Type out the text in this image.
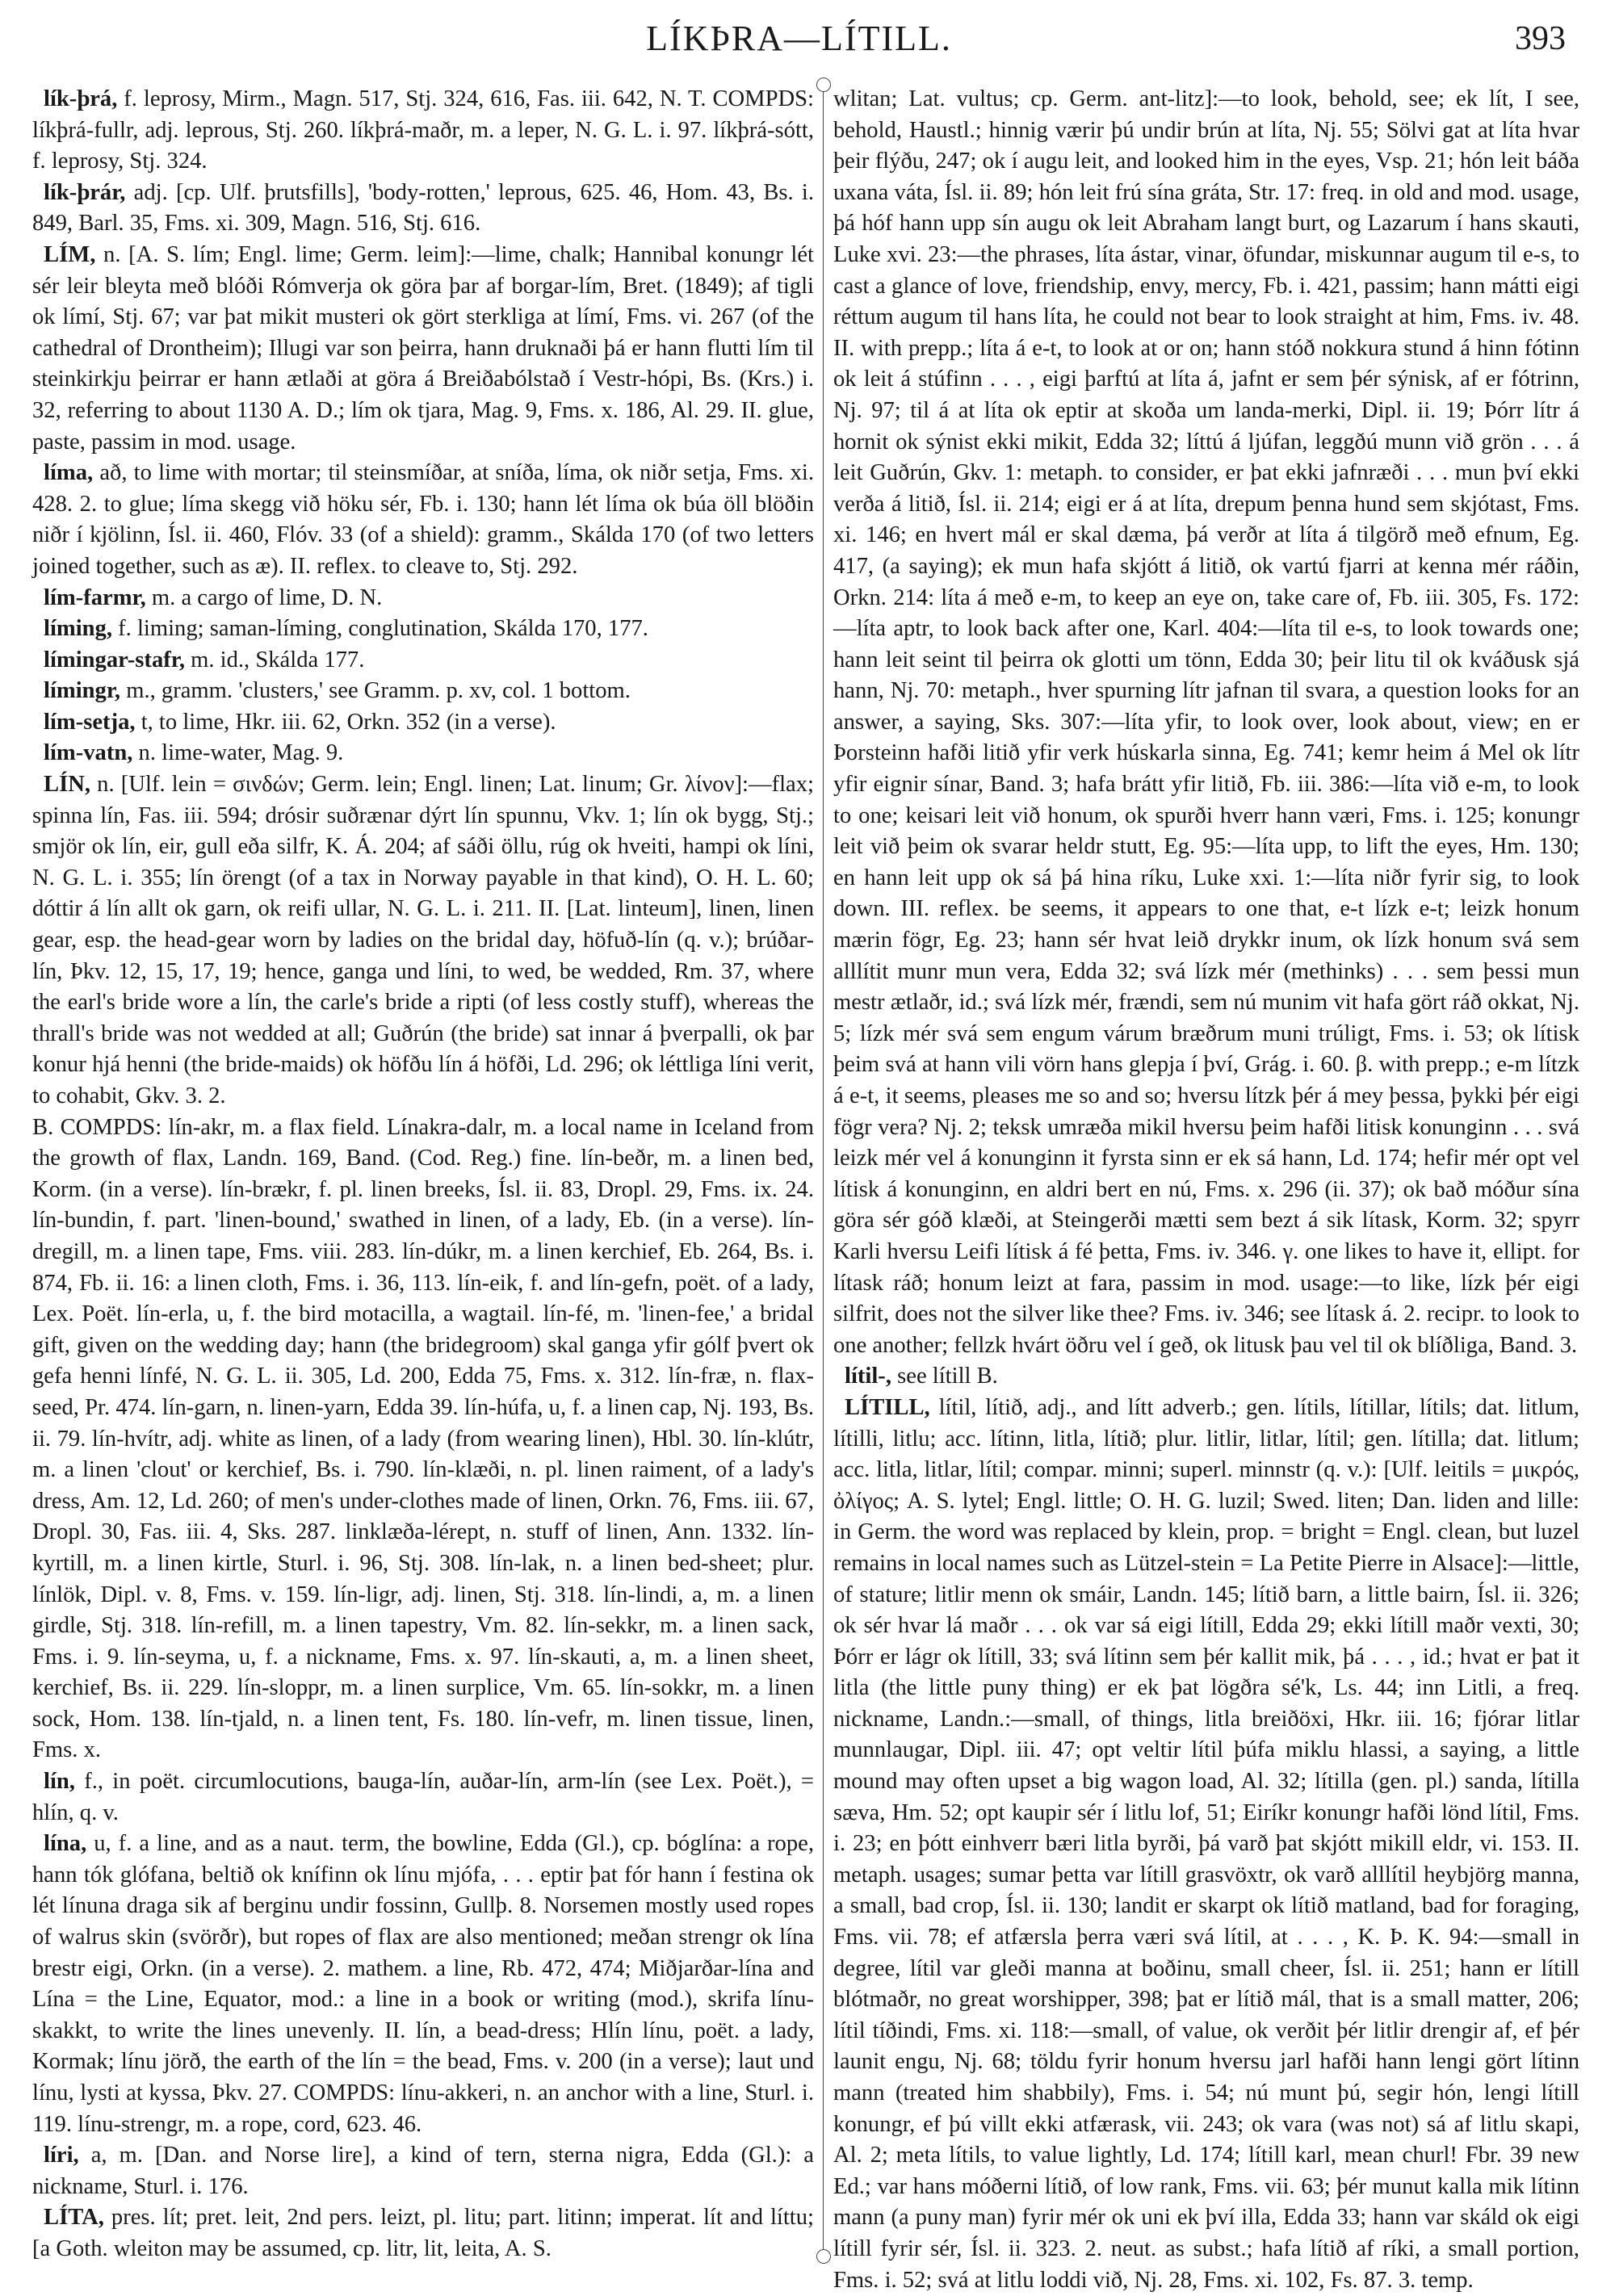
LÍKÞRA—LÍTILL.	393

lík-þrá, f. leprosy, Mirm., Magn. 517, Stj. 324, 616, Fas. iii. 642, N. T. COMPDS: líkþrá-fullr, adj. leprous, Stj. 260. líkþrá-maðr, m. a leper, N. G. L. i. 97. líkþrá-sótt, f. leprosy, Stj. 324.

lík-þrár, adj. [cp. Ulf. þrutsfills], 'body-rotten,' leprous, 625. 46, Hom. 43, Bs. i. 849, Barl. 35, Fms. xi. 309, Magn. 516, Stj. 616.

LÍM, n. [A. S. lím; Engl. lime; Germ. leim]:—lime, chalk; Hannibal konungr lét sér leir bleyta með blóði Rómverja ok göra þar af borgar-lím, Bret. (1849); af tigli ok límí, Stj. 67; var þat mikit musteri ok gört sterkliga at límí, Fms. vi. 267 (of the cathedral of Drontheim); Illugi var son þeirra, hann druknaði þá er hann flutti lím til steinkirkju þeirrar er hann ætlaði at göra á Breiðabólstað í Vestr-hópi, Bs. (Krs.) i. 32, referring to about 1130 A. D.; lím ok tjara, Mag. 9, Fms. x. 186, Al. 29. II. glue, paste, passim in mod. usage.

líma, að, to lime with mortar; til steinsmíðar, at sníða, líma, ok niðr setja, Fms. xi. 428. 2. to glue; líma skegg við höku sér, Fb. i. 130; hann lét líma ok búa öll blöðin niðr í kjölinn, Ísl. ii. 460, Flóv. 33 (of a shield): gramm., Skálda 170 (of two letters joined together, such as æ). II. reflex. to cleave to, Stj. 292.

lím-farmr, m. a cargo of lime, D. N.

líming, f. liming; saman-líming, conglutination, Skálda 170, 177.

límingar-stafr, m. id., Skálda 177.

límingr, m., gramm. 'clusters,' see Gramm. p. xv, col. 1 bottom.

lím-setja, t, to lime, Hkr. iii. 62, Orkn. 352 (in a verse).

lím-vatn, n. lime-water, Mag. 9.

LÍN, n. [Ulf. lein = σινδών; Germ. lein; Engl. linen; Lat. linum; Gr. λίνον]:—flax; spinna lín, Fas. iii. 594; drósir suðrænar dýrt lín spunnu, Vkv. 1; lín ok bygg, Stj.; smjör ok lín, eir, gull eða silfr, K. Á. 204; af sáði öllu, rúg ok hveiti, hampi ok líni, N. G. L. i. 355; lín örengt (of a tax in Norway payable in that kind), O. H. L. 60; dóttir á lín allt ok garn, ok reifi ullar, N. G. L. i. 211. II. [Lat. linteum], linen, linen gear, esp. the head-gear worn by ladies on the bridal day, höfuð-lín (q. v.); brúðar-lín, Þkv. 12, 15, 17, 19; hence, ganga und líni, to wed, be wedded, Rm. 37, where the earl's bride wore a lín, the carle's bride a ripti (of less costly stuff), whereas the thrall's bride was not wedded at all; Guðrún (the bride) sat innar á þverpalli, ok þar konur hjá henni (the bride-maids) ok höfðu lín á höfði, Ld. 296; ok léttliga líni verit, to cohabit, Gkv. 3. 2.

B. COMPDS: lín-akr, m. a flax field. Línakra-dalr, m. a local name in Iceland from the growth of flax, Landn. 169, Band. (Cod. Reg.) fine. lín-beðr, m. a linen bed, Korm. (in a verse). lín-brækr, f. pl. linen breeks, Ísl. ii. 83, Dropl. 29, Fms. ix. 24. lín-bundin, f. part. 'linen-bound,' swathed in linen, of a lady, Eb. (in a verse). lín-dregill, m. a linen tape, Fms. viii. 283. lín-dúkr, m. a linen kerchief, Eb. 264, Bs. i. 874, Fb. ii. 16: a linen cloth, Fms. i. 36, 113. lín-eik, f. and lín-gefn, poët. of a lady, Lex. Poët. lín-erla, u, f. the bird motacilla, a wagtail. lín-fé, m. 'linen-fee,' a bridal gift, given on the wedding day; hann (the bridegroom) skal ganga yfir gólf þvert ok gefa henni línfé, N. G. L. ii. 305, Ld. 200, Edda 75, Fms. x. 312. lín-fræ, n. flax-seed, Pr. 474. lín-garn, n. linen-yarn, Edda 39. lín-húfa, u, f. a linen cap, Nj. 193, Bs. ii. 79. lín-hvítr, adj. white as linen, of a lady (from wearing linen), Hbl. 30. lín-klútr, m. a linen 'clout' or kerchief, Bs. i. 790. lín-klæði, n. pl. linen raiment, of a lady's dress, Am. 12, Ld. 260; of men's under-clothes made of linen, Orkn. 76, Fms. iii. 67, Dropl. 30, Fas. iii. 4, Sks. 287. linklæða-lérept, n. stuff of linen, Ann. 1332. lín-kyrtill, m. a linen kirtle, Sturl. i. 96, Stj. 308. lín-lak, n. a linen bed-sheet; plur. línlök, Dipl. v. 8, Fms. v. 159. lín-ligr, adj. linen, Stj. 318. lín-lindi, a, m. a linen girdle, Stj. 318. lín-refill, m. a linen tapestry, Vm. 82. lín-sekkr, m. a linen sack, Fms. i. 9. lín-seyma, u, f. a nickname, Fms. x. 97. lín-skauti, a, m. a linen sheet, kerchief, Bs. ii. 229. lín-sloppr, m. a linen surplice, Vm. 65. lín-sokkr, m. a linen sock, Hom. 138. lín-tjald, n. a linen tent, Fs. 180. lín-vefr, m. linen tissue, linen, Fms. x.

lín, f., in poët. circumlocutions, bauga-lín, auðar-lín, arm-lín (see Lex. Poët.), = hlín, q. v.

lína, u, f. a line, and as a naut. term, the bowline, Edda (Gl.), cp. bóglína: a rope, hann tók glófana, beltið ok knífinn ok línu mjófa, . . . eptir þat fór hann í festina ok lét línuna draga sik af berginu undir fossinn, Gullþ. 8. Norsemen mostly used ropes of walrus skin (svörðr), but ropes of flax are also mentioned; meðan strengr ok lína brestr eigi, Orkn. (in a verse). 2. mathem. a line, Rb. 472, 474; Miðjarðar-lína and Lína = the Line, Equator, mod.: a line in a book or writing (mod.), skrifa línu-skakkt, to write the lines unevenly. II. lín, a bead-dress; Hlín línu, poët. a lady, Kormak; línu jörð, the earth of the lín = the bead, Fms. v. 200 (in a verse); laut und línu, lysti at kyssa, Þkv. 27. COMPDS: línu-akkeri, n. an anchor with a line, Sturl. i. 119. línu-strengr, m. a rope, cord, 623. 46.

líri, a, m. [Dan. and Norse lire], a kind of tern, sterna nigra, Edda (Gl.): a nickname, Sturl. i. 176.

LÍTA, pres. lít; pret. leit, 2nd pers. leizt, pl. litu; part. litinn; imperat. lít and líttu; [a Goth. wleiton may be assumed, cp. litr, lit, leita, A. S.

wlitan; Lat. vultus; cp. Germ. ant-litz]:—to look, behold, see; ek lít, I see, behold, Haustl.; hinnig værir þú undir brún at líta, Nj. 55; Sölvi gat at líta hvar þeir flýðu, 247; ok í augu leit, and looked him in the eyes, Vsp. 21; hón leit báða uxana váta, Ísl. ii. 89; hón leit frú sína gráta, Str. 17: freq. in old and mod. usage, þá hóf hann upp sín augu ok leit Abraham langt burt, og Lazarum í hans skauti, Luke xvi. 23:—the phrases, líta ástar, vinar, öfundar, miskunnar augum til e-s, to cast a glance of love, friendship, envy, mercy, Fb. i. 421, passim; hann mátti eigi réttum augum til hans líta, he could not bear to look straight at him, Fms. iv. 48. II. with prepp.; líta á e-t, to look at or on; hann stóð nokkura stund á hinn fótinn ok leit á stúfinn . . . , eigi þarftú at líta á, jafnt er sem þér sýnisk, af er fótrinn, Nj. 97; til á at líta ok eptir at skoða um landa-merki, Dipl. ii. 19; Þórr lítr á hornit ok sýnist ekki mikit, Edda 32; líttú á ljúfan, leggðú munn við grön . . . á leit Guðrún, Gkv. 1: metaph. to consider, er þat ekki jafnræði . . . mun því ekki verða á litið, Ísl. ii. 214; eigi er á at líta, drepum þenna hund sem skjótast, Fms. xi. 146; en hvert mál er skal dæma, þá verðr at líta á tilgörð með efnum, Eg. 417, (a saying); ek mun hafa skjótt á litið, ok vartú fjarri at kenna mér ráðin, Orkn. 214: líta á með e-m, to keep an eye on, take care of, Fb. iii. 305, Fs. 172:—líta aptr, to look back after one, Karl. 404:—líta til e-s, to look towards one; hann leit seint til þeirra ok glotti um tönn, Edda 30; þeir litu til ok kváðusk sjá hann, Nj. 70: metaph., hver spurning lítr jafnan til svara, a question looks for an answer, a saying, Sks. 307:—líta yfir, to look over, look about, view; en er Þorsteinn hafði litið yfir verk húskarla sinna, Eg. 741; kemr heim á Mel ok lítr yfir eignir sínar, Band. 3; hafa brátt yfir litið, Fb. iii. 386:—líta við e-m, to look to one; keisari leit við honum, ok spurði hverr hann væri, Fms. i. 125; konungr leit við þeim ok svarar heldr stutt, Eg. 95:—líta upp, to lift the eyes, Hm. 130; en hann leit upp ok sá þá hina ríku, Luke xxi. 1:—líta niðr fyrir sig, to look down. III. reflex. be seems, it appears to one that, e-t lízk e-t; leizk honum mærin fögr, Eg. 23; hann sér hvat leið drykkr inum, ok lízk honum svá sem alllítit munr mun vera, Edda 32; svá lízk mér (methinks) . . . sem þessi mun mestr ætlaðr, id.; svá lízk mér, frændi, sem nú munim vit hafa gört ráð okkat, Nj. 5; lízk mér svá sem engum várum bræðrum muni trúligt, Fms. i. 53; ok lítisk þeim svá at hann vili vörn hans glepja í því, Grág. i. 60. β. with prepp.; e-m lítzk á e-t, it seems, pleases me so and so; hversu lítzk þér á mey þessa, þykki þér eigi fögr vera? Nj. 2; teksk umræða mikil hversu þeim hafði litisk konunginn . . . svá leizk mér vel á konunginn it fyrsta sinn er ek sá hann, Ld. 174; hefir mér opt vel lítisk á konunginn, en aldri bert en nú, Fms. x. 296 (ii. 37); ok bað móður sína göra sér góð klæði, at Steingerði mætti sem bezt á sik lítask, Korm. 32; spyrr Karli hversu Leifi lítisk á fé þetta, Fms. iv. 346. γ. one likes to have it, ellipt. for lítask ráð; honum leizt at fara, passim in mod. usage:—to like, lízk þér eigi silfrit, does not the silver like thee? Fms. iv. 346; see lítask á. 2. recipr. to look to one another; fellzk hvárt öðru vel í geð, ok litusk þau vel til ok blíðliga, Band. 3.

lítil-, see lítill B.

LÍTILL, lítil, lítið, adj., and lítt adverb.; gen. lítils, lítillar, lítils; dat. litlum, lítilli, litlu; acc. lítinn, litla, lítið; plur. litlir, litlar, lítil; gen. lítilla; dat. litlum; acc. litla, litlar, lítil; compar. minni; superl. minnstr (q. v.): [Ulf. leitils = μικρός, ὀλίγος; A. S. lytel; Engl. little; O. H. G. luzil; Swed. liten; Dan. liden and lille: in Germ. the word was replaced by klein, prop. = bright = Engl. clean, but luzel remains in local names such as Lützel-stein = La Petite Pierre in Alsace]:—little, of stature; litlir menn ok smáir, Landn. 145; lítið barn, a little bairn, Ísl. ii. 326; ok sér hvar lá maðr . . . ok var sá eigi lítill, Edda 29; ekki lítill maðr vexti, 30; Þórr er lágr ok lítill, 33; svá lítinn sem þér kallit mik, þá . . . , id.; hvat er þat it litla (the little puny thing) er ek þat lögðra sé'k, Ls. 44; inn Litli, a freq. nickname, Landn.:—small, of things, litla breiðöxi, Hkr. iii. 16; fjórar litlar munnlaugar, Dipl. iii. 47; opt veltir lítil þúfa miklu hlassi, a saying, a little mound may often upset a big wagon load, Al. 32; lítilla (gen. pl.) sanda, lítilla sæva, Hm. 52; opt kaupir sér í litlu lof, 51; Eiríkr konungr hafði lönd lítil, Fms. i. 23; en þótt einhverr bæri litla byrði, þá varð þat skjótt mikill eldr, vi. 153. II. metaph. usages; sumar þetta var lítill grasvöxtr, ok varð alllítil heybjörg manna, a small, bad crop, Ísl. ii. 130; landit er skarpt ok lítið matland, bad for foraging, Fms. vii. 78; ef atfærsla þerra væri svá lítil, at . . . , K. Þ. K. 94:—small in degree, lítil var gleði manna at boðinu, small cheer, Ísl. ii. 251; hann er lítill blótmaðr, no great worshipper, 398; þat er lítið mál, that is a small matter, 206; lítil tíðindi, Fms. xi. 118:—small, of value, ok verðit þér litlir drengir af, ef þér launit engu, Nj. 68; töldu fyrir honum hversu jarl hafði hann lengi gört lítinn mann (treated him shabbily), Fms. i. 54; nú munt þú, segir hón, lengi lítill konungr, ef þú villt ekki atfærask, vii. 243; ok vara (was not) sá af litlu skapi, Al. 2; meta lítils, to value lightly, Ld. 174; lítill karl, mean churl! Fbr. 39 new Ed.; var hans móðerni lítið, of low rank, Fms. vii. 63; þér munut kalla mik lítinn mann (a puny man) fyrir mér ok uni ek því illa, Edda 33; hann var skáld ok eigi lítill fyrir sér, Ísl. ii. 323. 2. neut. as subst.; hafa lítið af ríki, a small portion, Fms. i. 52; svá at litlu loddi við, Nj. 28, Fms. xi. 102, Fs. 87. 3. temp.
